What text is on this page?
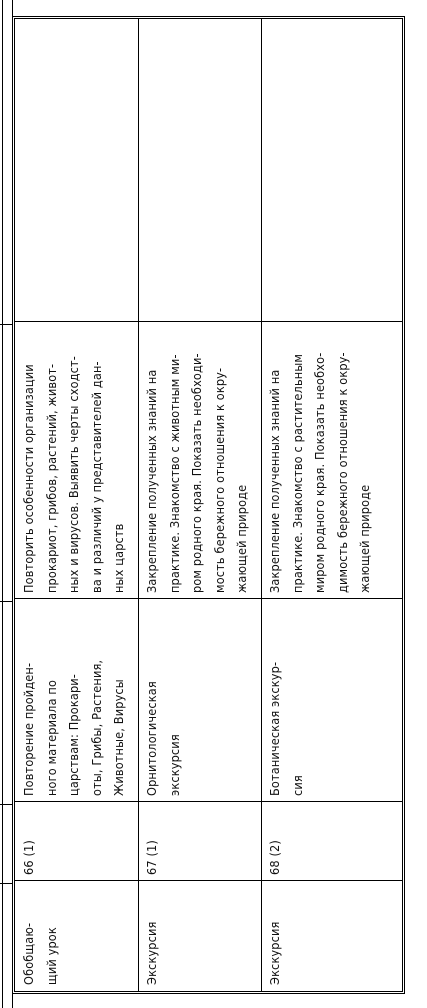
Обобщаю-
щий урок
66 (1)
Повторение пройден-
ного материала по
царствам: Прокари-
оты, Грибы, Растения,
Животные, Вирусы
Повторить особенности организации
прокариот, грибов, растений, живот-
ных и вирусов. Выявить черты сходст-
ва и различий у представителей дан-
ных царств
Экскурсия
67 (1)
Орнитологическая
экскурсия
Закрепление полученных знаний на
практике. Знакомство с животным ми-
ром родного края. Показать необходи-
мость бережного отношения к окру-
жающей природе
Экскурсия
68 (2)
Ботаническая экскур-
сия
Закрепление полученных знаний на
практике. Знакомство с растительным
миром родного края. Показать необхо-
димость бережного отношения к окру-
жающей природе
